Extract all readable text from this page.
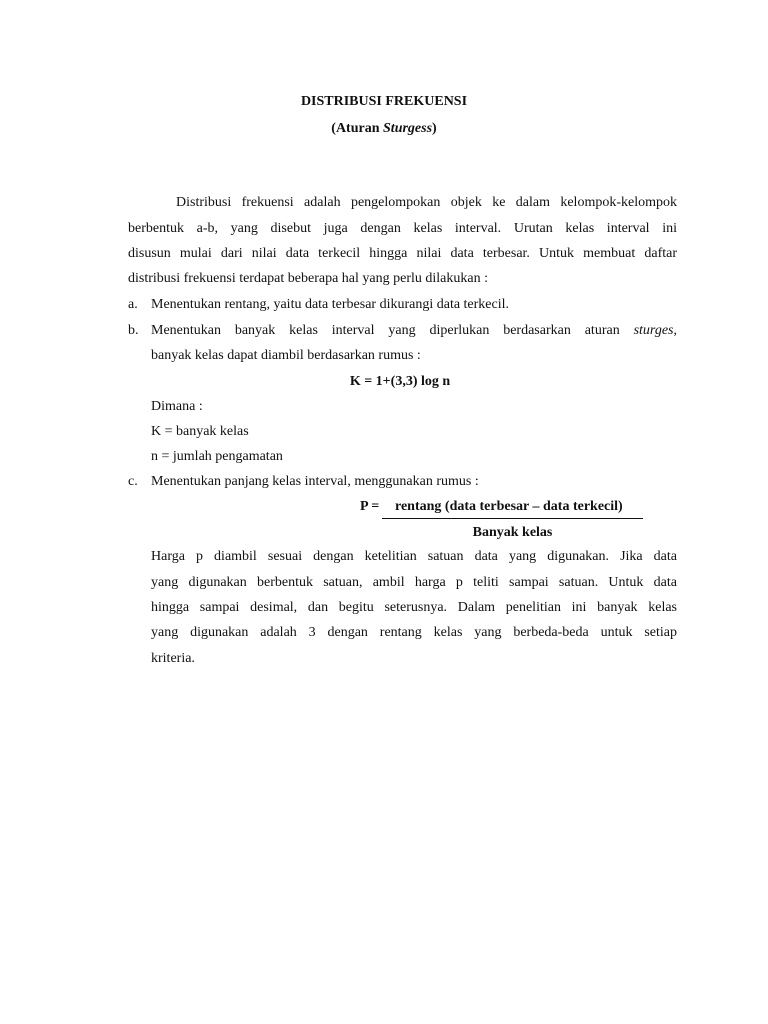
DISTRIBUSI FREKUENSI
(Aturan Sturgess)
Distribusi frekuensi adalah pengelompokan objek ke dalam kelompok-kelompok
berbentuk a-b, yang disebut juga dengan kelas interval. Urutan kelas interval ini
disusun mulai dari nilai data terkecil hingga nilai data terbesar. Untuk membuat daftar
distribusi frekuensi terdapat beberapa hal yang perlu dilakukan :
a. Menentukan rentang, yaitu data terbesar dikurangi data terkecil.
b. Menentukan banyak kelas interval yang diperlukan berdasarkan aturan sturges,
banyak kelas dapat diambil berdasarkan rumus :
K = 1+(3,3) log n
Dimana :
K = banyak kelas
n = jumlah pengamatan
c. Menentukan panjang kelas interval, menggunakan rumus :
P = rentang (data terbesar – data terkecil)
Banyak kelas
Harga p diambil sesuai dengan ketelitian satuan data yang digunakan. Jika data
yang digunakan berbentuk satuan, ambil harga p teliti sampai satuan. Untuk data
hingga sampai desimal, dan begitu seterusnya. Dalam penelitian ini banyak kelas
yang digunakan adalah 3 dengan rentang kelas yang berbeda-beda untuk setiap
kriteria.
